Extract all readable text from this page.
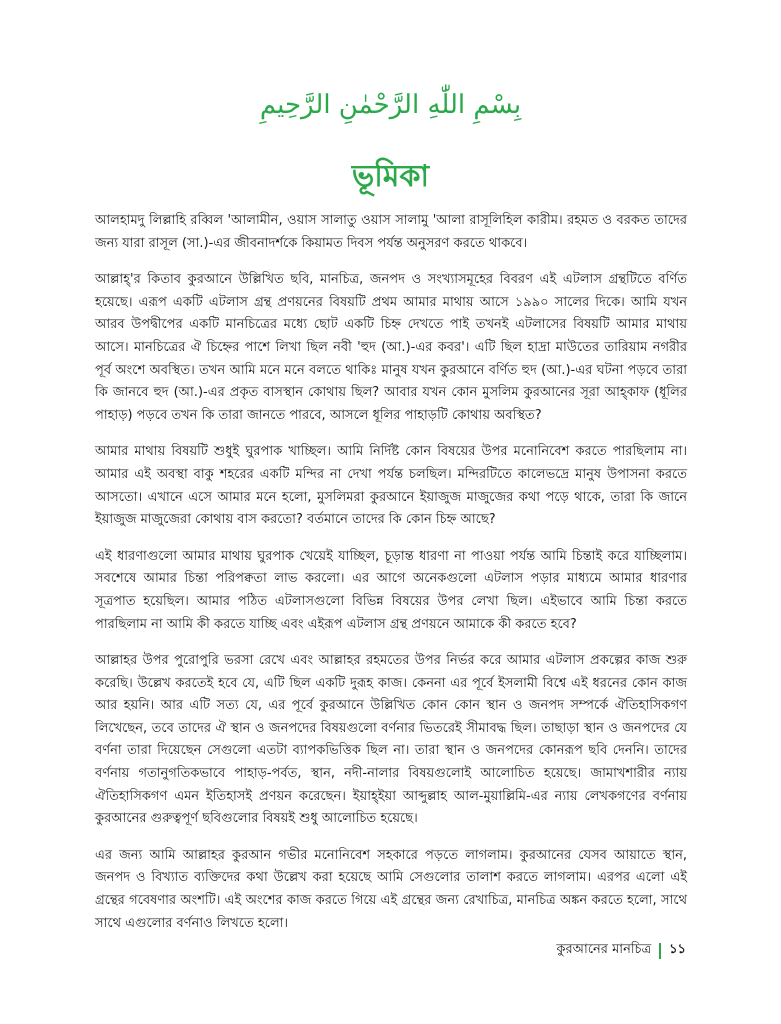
بِسْمِ اللّٰهِ الرَّحْمٰنِ الرَّحِيمِ
ভূমিকা

আলহামদু লিল্লাহি রব্বিল 'আলামীন, ওয়াস সালাতু ওয়াস সালামু 'আলা রাসূলিহিল কারীম। রহমত ও বরকত তাদের জন্য যারা রাসূল (সা.)-এর জীবনাদর্শকে কিয়ামত দিবস পর্যন্ত অনুসরণ করতে থাকবে।

আল্লাহ্‌'র কিতাব কুরআনে উল্লিখিত ছবি, মানচিত্র, জনপদ ও সংখ্যাসমূহের বিবরণ এই এটলাস গ্রন্থটিতে বর্ণিত হয়েছে। এরূপ একটি এটলাস গ্রন্থ প্রণয়নের বিষয়টি প্রথম আমার মাথায় আসে ১৯৯০ সালের দিকে। আমি যখন আরব উপদ্বীপের একটি মানচিত্রের মধ্যে ছোট একটি চিহ্ন দেখতে পাই তখনই এটলাসের বিষয়টি আমার মাথায় আসে। মানচিত্রের ঐ চিহ্নের পাশে লিখা ছিল নবী 'হুদ (আ.)-এর কবর'। এটি ছিল হাদ্রা মাউতের তারিয়াম নগরীর পূর্ব অংশে অবস্থিত। তখন আমি মনে মনে বলতে থাকিঃ মানুষ যখন কুরআনে বর্ণিত হুদ (আ.)-এর ঘটনা পড়বে তারা কি জানবে হুদ (আ.)-এর প্রকৃত বাসস্থান কোথায় ছিল? আবার যখন কোন মুসলিম কুরআনের সূরা আহ্‌কাফ (ধূলির পাহাড়) পড়বে তখন কি তারা জানতে পারবে, আসলে ধূলির পাহাড়টি কোথায় অবস্থিত?

আমার মাথায় বিষয়টি শুধুই ঘুরপাক খাচ্ছিল। আমি নির্দিষ্ট কোন বিষয়ের উপর মনোনিবেশ করতে পারছিলাম না। আমার এই অবস্থা বাকু শহরের একটি মন্দির না দেখা পর্যন্ত চলছিল। মন্দিরটিতে কালেভদ্রে মানুষ উপাসনা করতে আসতো। এখানে এসে আমার মনে হলো, মুসলিমরা কুরআনে ইয়াজুজ মাজুজের কথা পড়ে থাকে, তারা কি জানে ইয়াজুজ মাজুজেরা কোথায় বাস করতো? বর্তমানে তাদের কি কোন চিহ্ন আছে?

এই ধারণাগুলো আমার মাথায় ঘুরপাক খেয়েই যাচ্ছিল, চূড়ান্ত ধারণা না পাওয়া পর্যন্ত আমি চিন্তাই করে যাচ্ছিলাম। সবশেষে আমার চিন্তা পরিপক্বতা লাভ করলো। এর আগে অনেকগুলো এটলাস পড়ার মাধ্যমে আমার ধারণার সূত্রপাত হয়েছিল। আমার পঠিত এটলাসগুলো বিভিন্ন বিষয়ের উপর লেখা ছিল। এইভাবে আমি চিন্তা করতে পারছিলাম না আমি কী করতে যাচ্ছি এবং এইরূপ এটলাস গ্রন্থ প্রণয়নে আমাকে কী করতে হবে?

আল্লাহর উপর পুরোপুরি ভরসা রেখে এবং আল্লাহর রহমতের উপর নির্ভর করে আমার এটলাস প্রকল্পের কাজ শুরু করেছি। উল্লেখ করতেই হবে যে, এটি ছিল একটি দুরূহ কাজ। কেননা এর পূর্বে ইসলামী বিশ্বে এই ধরনের কোন কাজ আর হয়নি। আর এটি সত্য যে, এর পূর্বে কুরআনে উল্লিখিত কোন কোন স্থান ও জনপদ সম্পর্কে ঐতিহাসিকগণ লিখেছেন, তবে তাদের ঐ স্থান ও জনপদের বিষয়গুলো বর্ণনার ভিতরেই সীমাবদ্ধ ছিল। তাছাড়া স্থান ও জনপদের যে বর্ণনা তারা দিয়েছেন সেগুলো এতটা ব্যাপকভিত্তিক ছিল না। তারা স্থান ও জনপদের কোনরূপ ছবি দেননি। তাদের বর্ণনায় গতানুগতিকভাবে পাহাড়-পর্বত, স্থান, নদী-নালার বিষয়গুলোই আলোচিত হয়েছে। জামাখশারীর ন্যায় ঐতিহাসিকগণ এমন ইতিহাসই প্রণয়ন করেছেন। ইয়াহ্‌ইয়া আব্দুল্লাহ আল-মুয়াল্লিমি-এর ন্যায় লেখকগণের বর্ণনায় কুরআনের গুরুত্বপূর্ণ ছবিগুলোর বিষয়ই শুধু আলোচিত হয়েছে।

এর জন্য আমি আল্লাহর কুরআন গভীর মনোনিবেশ সহকারে পড়তে লাগলাম। কুরআনের যেসব আয়াতে স্থান, জনপদ ও বিখ্যাত ব্যক্তিদের কথা উল্লেখ করা হয়েছে আমি সেগুলোর তালাশ করতে লাগলাম। এরপর এলো এই গ্রন্থের গবেষণার অংশটি। এই অংশের কাজ করতে গিয়ে এই গ্রন্থের জন্য রেখাচিত্র, মানচিত্র অঙ্কন করতে হলো, সাথে সাথে এগুলোর বর্ণনাও লিখতে হলো।

কুরআনের মানচিত্র ১১
